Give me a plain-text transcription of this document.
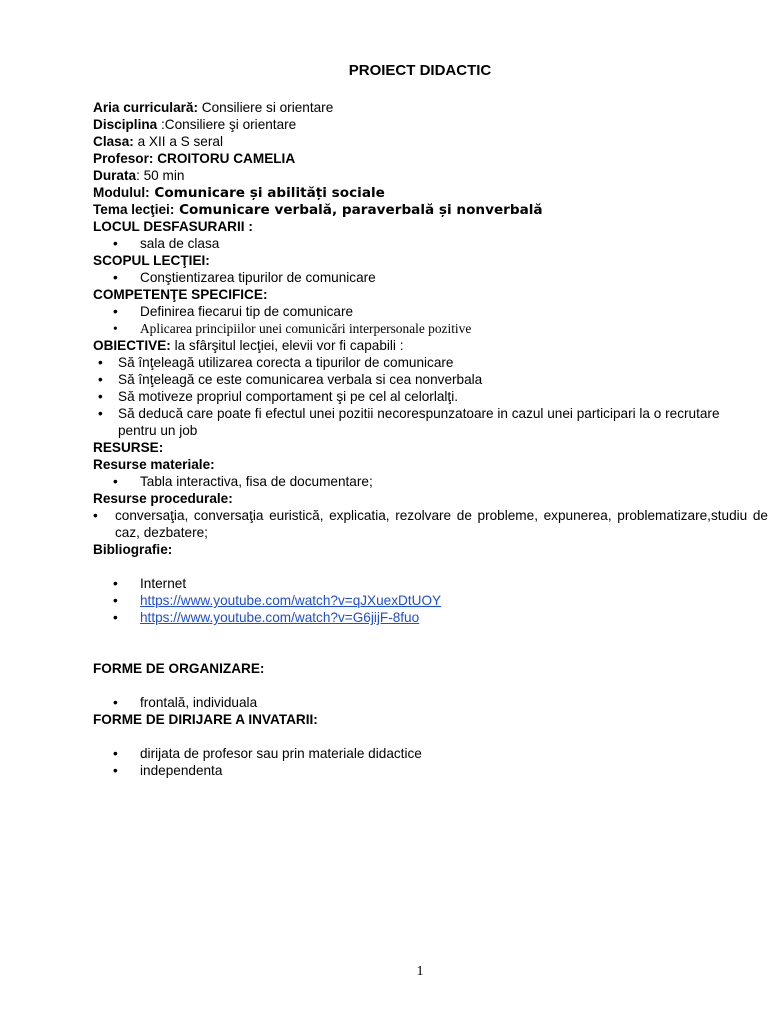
PROIECT DIDACTIC
Aria curriculară: Consiliere si orientare
Disciplina :Consiliere şi orientare
Clasa: a XII a S seral
Profesor: CROITORU CAMELIA
Durata: 50 min
Modulul: Comunicare și abilități sociale
Tema lecţiei: Comunicare verbală, paraverbală și nonverbală
LOCUL DESFASURARII :
• sala de clasa
SCOPUL LECŢIEI:
• Conştientizarea tipurilor de comunicare
COMPETENŢE SPECIFICE:
• Definirea fiecarui tip de comunicare
• Aplicarea principiilor unei comunicări interpersonale pozitive
OBIECTIVE: la sfârşitul lecţiei, elevii vor fi capabili :
• Să înţeleagă utilizarea corecta a tipurilor de comunicare
• Să înţeleagă ce este comunicarea verbala si cea nonverbala
• Să motiveze propriul comportament şi pe cel al celorlalţi.
• Să deducă care poate fi efectul unei pozitii necorespunzatoare in cazul unei participari la o recrutare pentru un job
RESURSE:
Resurse materiale:
• Tabla interactiva, fisa de documentare;
Resurse procedurale:
• conversaţia, conversaţia euristică, explicatia, rezolvare de probleme, expunerea, problematizare,studiu de caz, dezbatere;
Bibliografie:
• Internet
• https://www.youtube.com/watch?v=qJXuexDtUOY
• https://www.youtube.com/watch?v=G6jijF-8fuo
FORME DE ORGANIZARE:
• frontală, individuala
FORME DE DIRIJARE A INVATARII:
• dirijata de profesor sau prin materiale didactice
• independenta
1
